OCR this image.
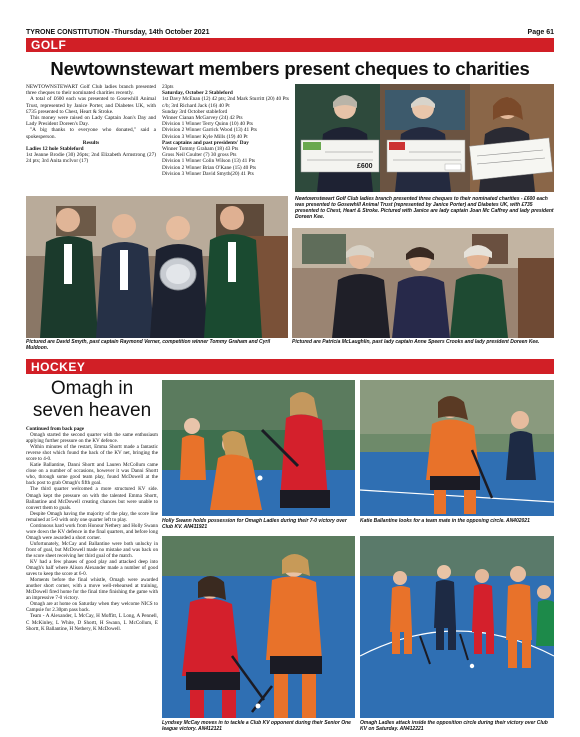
TYRONE CONSTITUTION -Thursday, 14th October 2021	Page 61
GOLF
Newtownstewart members present cheques to charities

NEWTOWNSTEWART Golf Club ladies branch presented three cheques to their nominated charities recently.

A total of £600 each was presented to Gosewhill Animal Trust, represented by Janice Porter, and Diabetes UK, with £735 presented to Chest, Heart & Stroke.

This money were raised on Lady Captain Joan's Day and Lady President Doreen's Day.

"A big thanks to everyone who donated," said a spokesperson.

Results

Ladies 12 hole Stableford

1st Jeanne Brodie (30) 26pts; 2nd Elizabeth Armstrong (27) 24 pts; 3rd Anita mcIvor (17)

23pts

Saturday, October 2 Stableford

1st Davy McEnan (12) 42 pts; 2nd Mark Sturritt (20) 40 Pts c/b; 3rd Richard Jack (16) 40 Pt

Sunday 3rd October stableford

Winner Cianan McGarvey (24) 42 Pts

Division 1 Winner Terry Quinn (10) 40 Pts

Division 2 Winner Garrick Wood (13) 41 Pts

Division 3 Winner Kyle Mills (19) 40 Pt

Past captains and past presidents' Day

Winner Tommy Graham (18) 43 Pts

Gross Neil Coulter (7) 30 gross Pts

Division 1 Winner Colin Wilson (13) 41 Pts

Division 2 Winner Brian O'Kane (15) 40 Pts

Division 3 Winner David Smyth(20) 41 Pts

£600
Newtownstewart Golf Club ladies branch presented three cheques to their nominated charities - £600 each was presented to Gosewhill Animal Trust (represented by Janice Porter) and Diabetes UK, with £735 presented to Chest, Heart & Stroke. Pictured with Janice are lady captain Joan Mc Caffrey and lady president Doreen Kee.
Pictured are David Smyth, past captain Raymond Verner, competition winner Tommy Graham and Cyril Muldoon.
Pictured are Patricia McLaughlin, past lady captain Anne Speers Crooks and lady president Doreen Kee.
HOCKEY
Omagh in
seven heaven

Continued from back page

Omagh started the second quarter with the same enthusiasm applying further pressure on the KV defence.

Within minutes of the restart, Emma Shortt made a fantastic reverse shot which found the back of the KV net, bringing the score to 4-0.

Katie Ballantine, Danni Shortt and Lauren McCollum came close on a number of occasions, however it was Danni Shortt who, through some good team play, found McDowell at the back post to grab Omagh's fifth goal.

The third quarter welcomed a more structured KV side. Omagh kept the pressure on with the talented Emma Shortt, Ballantine and McDowell creating chances but were unable to convert them to goals.

Despite Omagh having the majority of the play, the score line remained at 5-0 with only one quarter left to play.

Continuous hard work from Honour Nethery and Holly Swann wore down the KV defence in the final quarters, and before long Omagh were awarded a short corner.

Unfortunately, McCay and Ballantine were both unlucky in front of goal, but McDowell made no mistake and was back on the score sheet receiving her third goal of the match.

KV had a few phases of good play and attacked deep into Omagh's half where Alison Alexander made a number of good saves to keep the score at 6-0.

Moments before the final whistle, Omagh were awarded another short corner, with a move well-rehearsed at training, McDowell fired home for the final time finishing the game with an impressive 7-0 victory.

Omagh are at home on Saturday when they welcome NICS to Campsie for 2.30pm pass back.

Team - A Alexander, L McCay, H Moffitt, L Long, A Pennell, C McKinley, L White, D Shortt, H Swann, L McCollum, E Shortt, K Ballantine, H Nethery, K McDowell.

Holly Swann holds possession for Omagh Ladies during their 7-0 victory over Club KV. AN411921
Katie Ballantine looks for a team mate in the opposing circle. AN402021
Lyndsey McCay moves in to tackle a Club KV opponent during their Senior One league victory. AN412121
Omagh Ladies attack inside the opposition circle during their victory over Club KV on Saturday. AN412221
